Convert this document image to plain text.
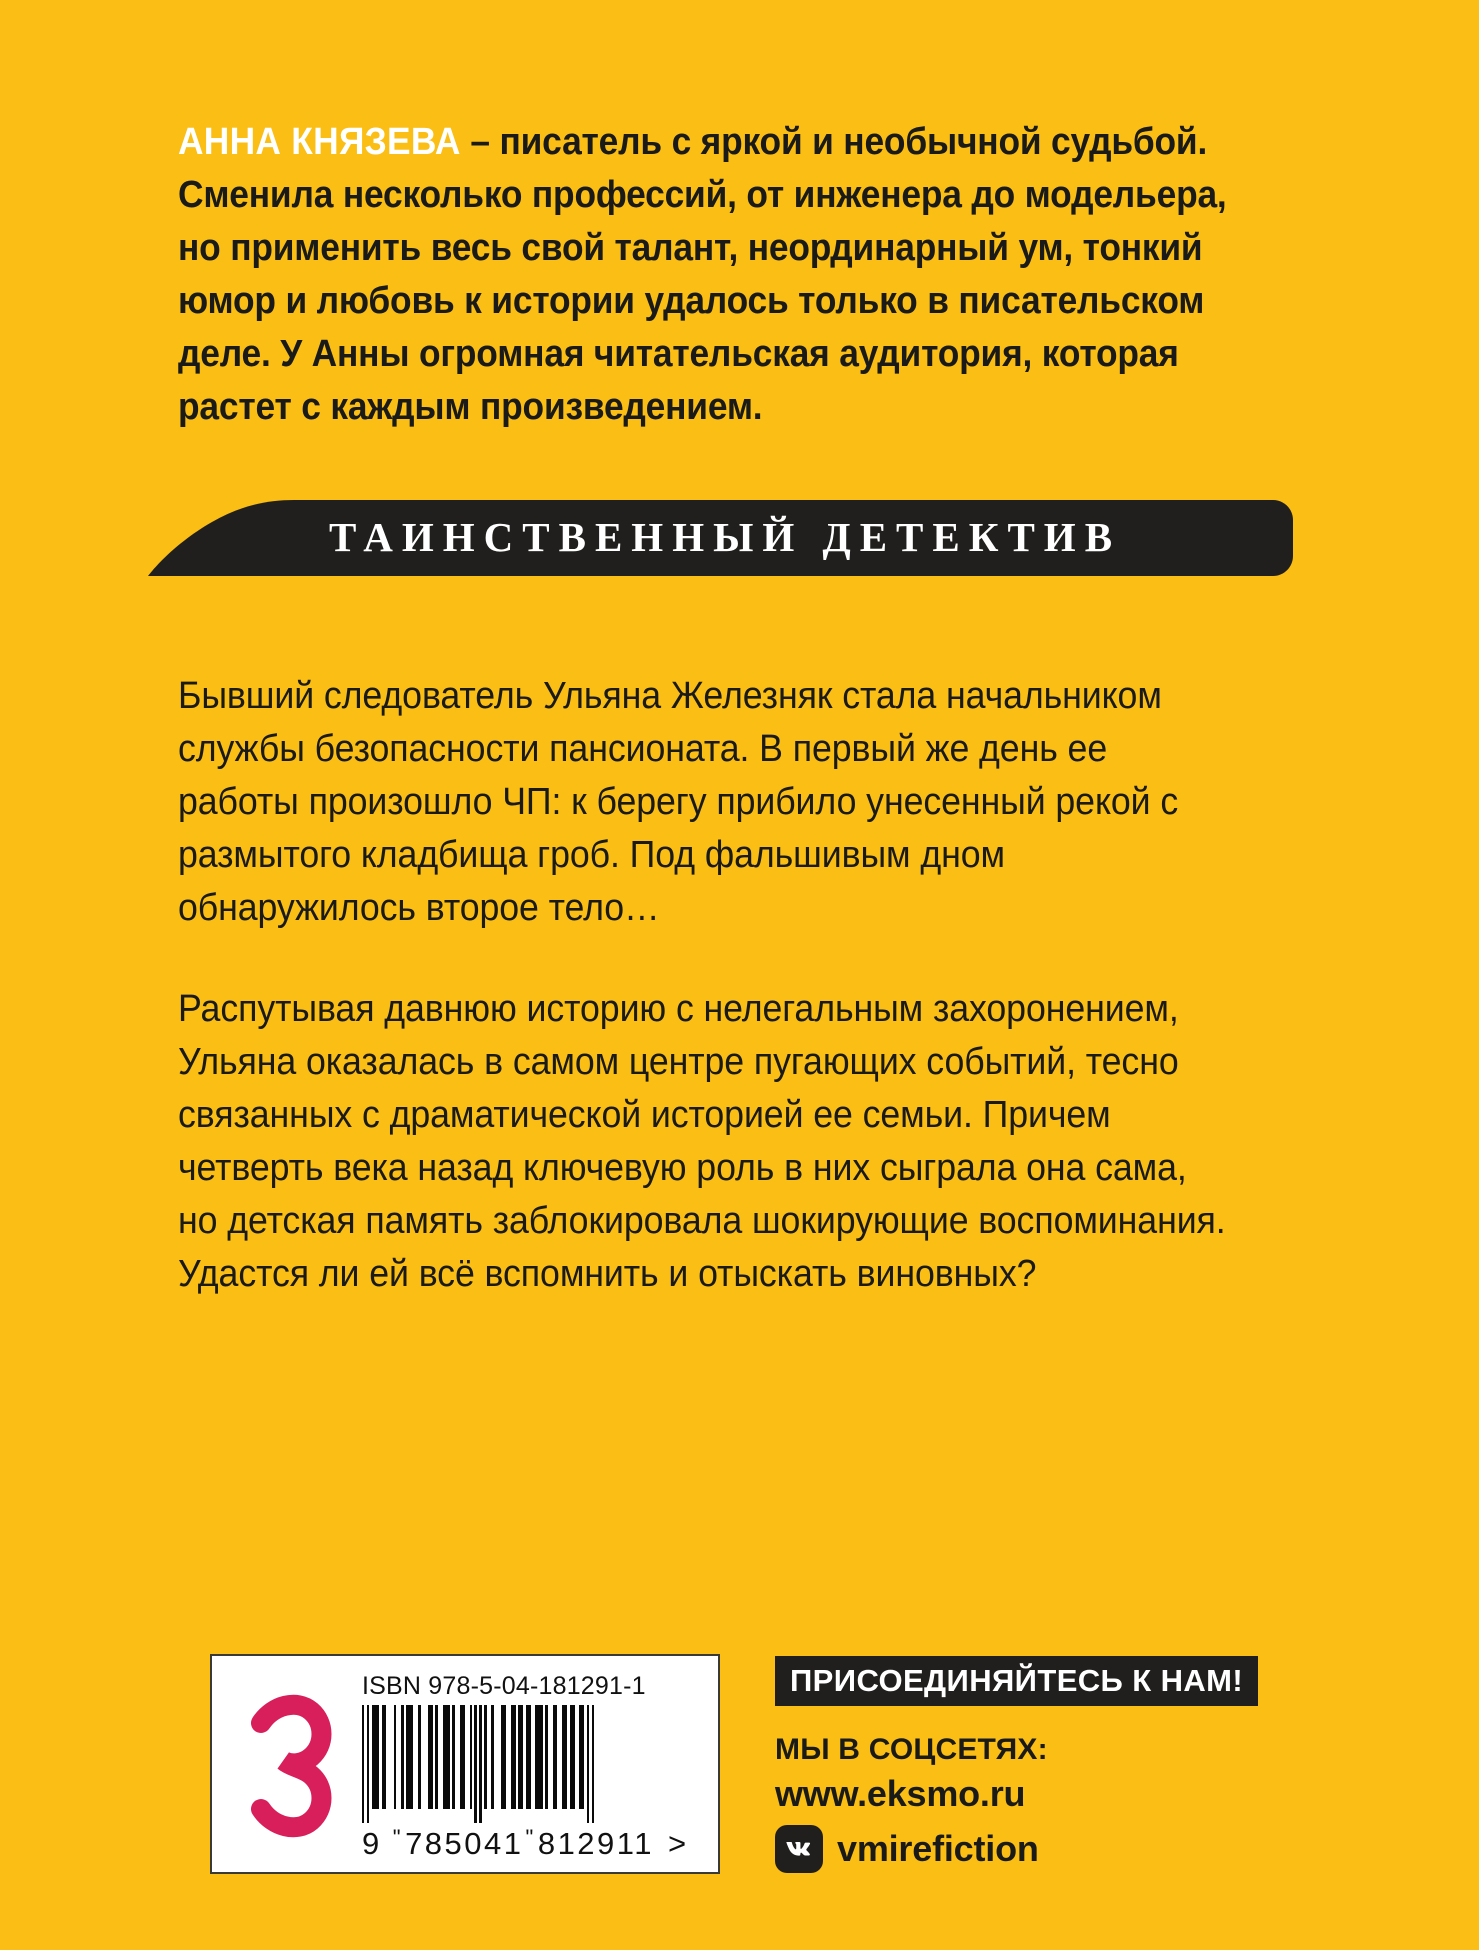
АННА КНЯЗЕВА – писатель с яркой и необычной судьбой. Сменила несколько профессий, от инженера до модельера, но применить весь свой талант, неординарный ум, тонкий юмор и любовь к истории удалось только в писательском деле. У Анны огромная читательская аудитория, которая растет с каждым произведением.
ТАИНСТВЕННЫЙ ДЕТЕКТИВ

Бывший следователь Ульяна Железняк стала начальником службы безопасности пансионата. В первый же день ее работы произошло ЧП: к берегу прибило унесенный рекой с размытого кладбища гроб. Под фальшивым дном обнаружилось второе тело…

Распутывая давнюю историю с нелегальным захоронением, Ульяна оказалась в самом центре пугающих событий, тесно связанных с драматической историей ее семьи. Причем четверть века назад ключевую роль в них сыграла она сама, но детская память заблокировала шокирующие воспоминания. Удастся ли ей всё вспомнить и отыскать виновных?

ISBN 978-5-04-181291-1
9 " 785041 " 812911 >
ПРИСОЕДИНЯЙТЕСЬ К НАМ!
МЫ В СОЦСЕТЯХ:
www.eksmo.ru
vmirefiction
